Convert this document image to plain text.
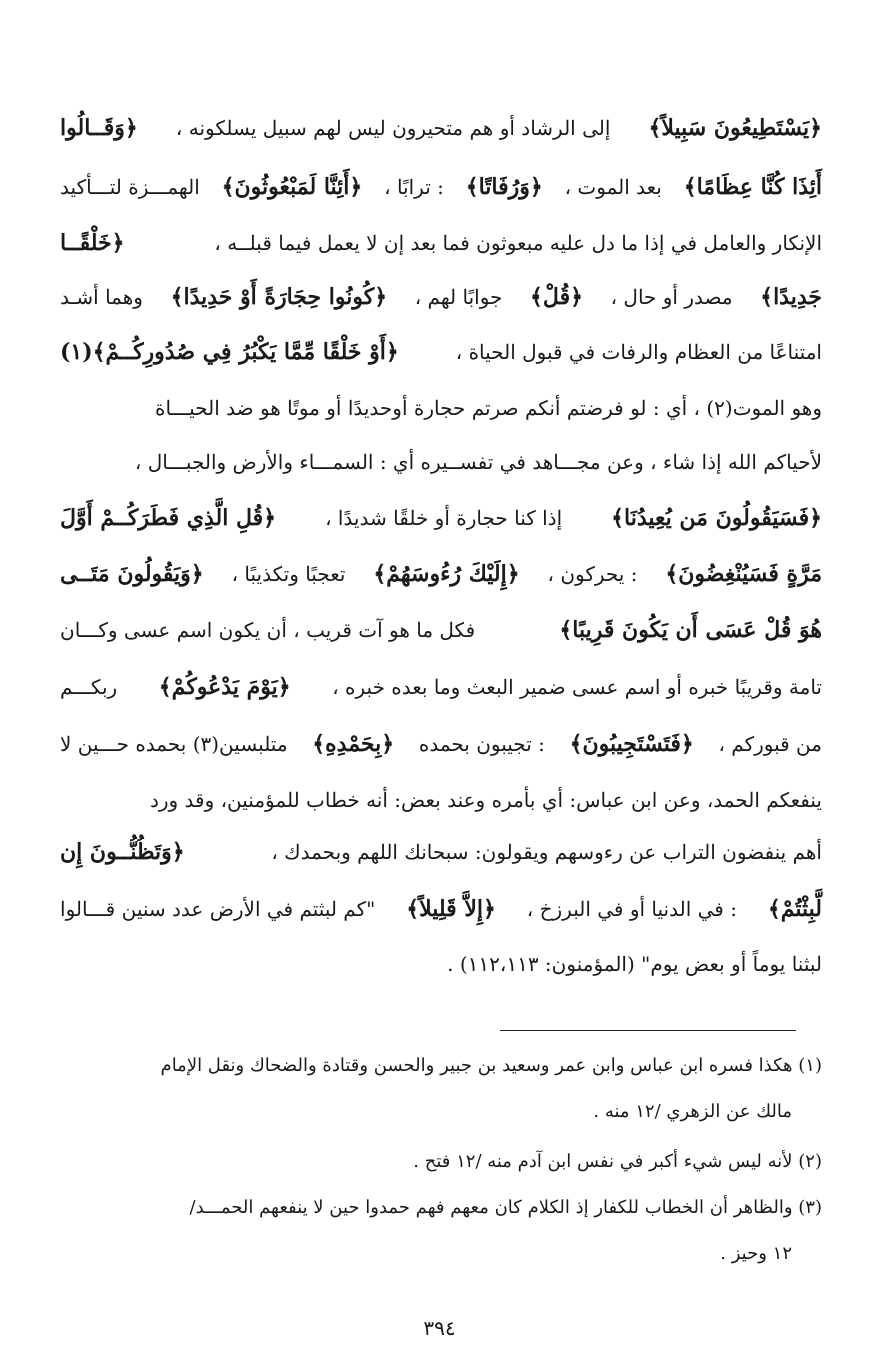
﴿يَسْتَطِيعُونَ سَبِيلاً﴾
إلى الرشاد أو هم متحيرون ليس لهم سبيل يسلكونه ،
﴿وَقَــالُوا
أَئِذَا كُنَّا عِظَامًا﴾
بعد الموت ،
﴿وَرُفَاتًا﴾
: ترابًا ،
﴿أَئِنَّا لَمَبْعُوثُونَ﴾
الهمـــزة لتـــأكيد
الإنكار والعامل في إذا ما دل عليه مبعوثون فما بعد إن لا يعمل فيما قبلــه ،
﴿خَلْقًــا
جَدِيدًا﴾
مصدر أو حال ،
﴿قُلْ﴾
جوابًا لهم ،
﴿كُونُوا حِجَارَةً أَوْ حَدِيدًا﴾
وهما أشـد
امتناعًا من العظام والرفات في قبول الحياة ،
﴿أَوْ خَلْقًا مِّمَّا يَكْبُرُ فِي صُدُورِكُــمْ﴾(١)
وهو الموت(٢) ، أي : لو فرضتم أنكم صرتم حجارة أوحديدًا أو موتًا هو ضد الحيـــاة
لأحياكم الله إذا شاء ، وعن مجـــاهد في تفســيره أي : السمـــاء والأرض والجبـــال ،
﴿فَسَيَقُولُونَ مَن يُعِيدُنَا﴾
إذا كنا حجارة أو خلقًا شديدًا ،
﴿قُلِ الَّذِي فَطَرَكُــمْ أَوَّلَ
مَرَّةٍ فَسَيُنْغِضُونَ﴾
: يحركون ،
﴿إِلَيْكَ رُءُوسَهُمْ﴾
تعجبًا وتكذيبًا ،
﴿وَيَقُولُونَ مَتَــى
هُوَ قُلْ عَسَى أَن يَكُونَ قَرِيبًا﴾
فكل ما هو آت قريب ، أن يكون اسم عسى وكـــان
تامة وقريبًا خبره أو اسم عسى ضمير البعث وما بعده خبره ،
﴿يَوْمَ يَدْعُوكُمْ﴾
ربكـــم
من قبوركم ،
﴿فَتَسْتَجِيبُونَ﴾
: تجيبون بحمده
﴿بِحَمْدِهِ﴾
متلبسين(٣) بحمده حـــين لا
ينفعكم الحمد، وعن ابن عباس: أي بأمره وعند بعض: أنه خطاب للمؤمنين، وقد ورد
أهم ينفضون التراب عن رءوسهم ويقولون: سبحانك اللهم وبحمدك ،
﴿وَتَظُنُّــونَ إِن
لَّبِثْتُمْ﴾
: في الدنيا أو في البرزخ ،
﴿إِلاَّ قَلِيلاً﴾
"كم لبثتم في الأرض عدد سنين قـــالوا
لبثنا يوماً أو بعض يوم" (المؤمنون: ١١٢،١١٣) .
(١) هكذا فسره ابن عباس وابن عمر وسعيد بن جبير والحسن وقتادة والضحاك ونقل الإمام
مالك عن الزهري /١٢ منه .
(٢) لأنه ليس شيء أكبر في نفس ابن آدم منه /١٢ فتح .
(٣) والظاهر أن الخطاب للكفار إذ الكلام كان معهم فهم حمدوا حين لا ينفعهم الحمـــد/
١٢ وحيز .
٣٩٤
